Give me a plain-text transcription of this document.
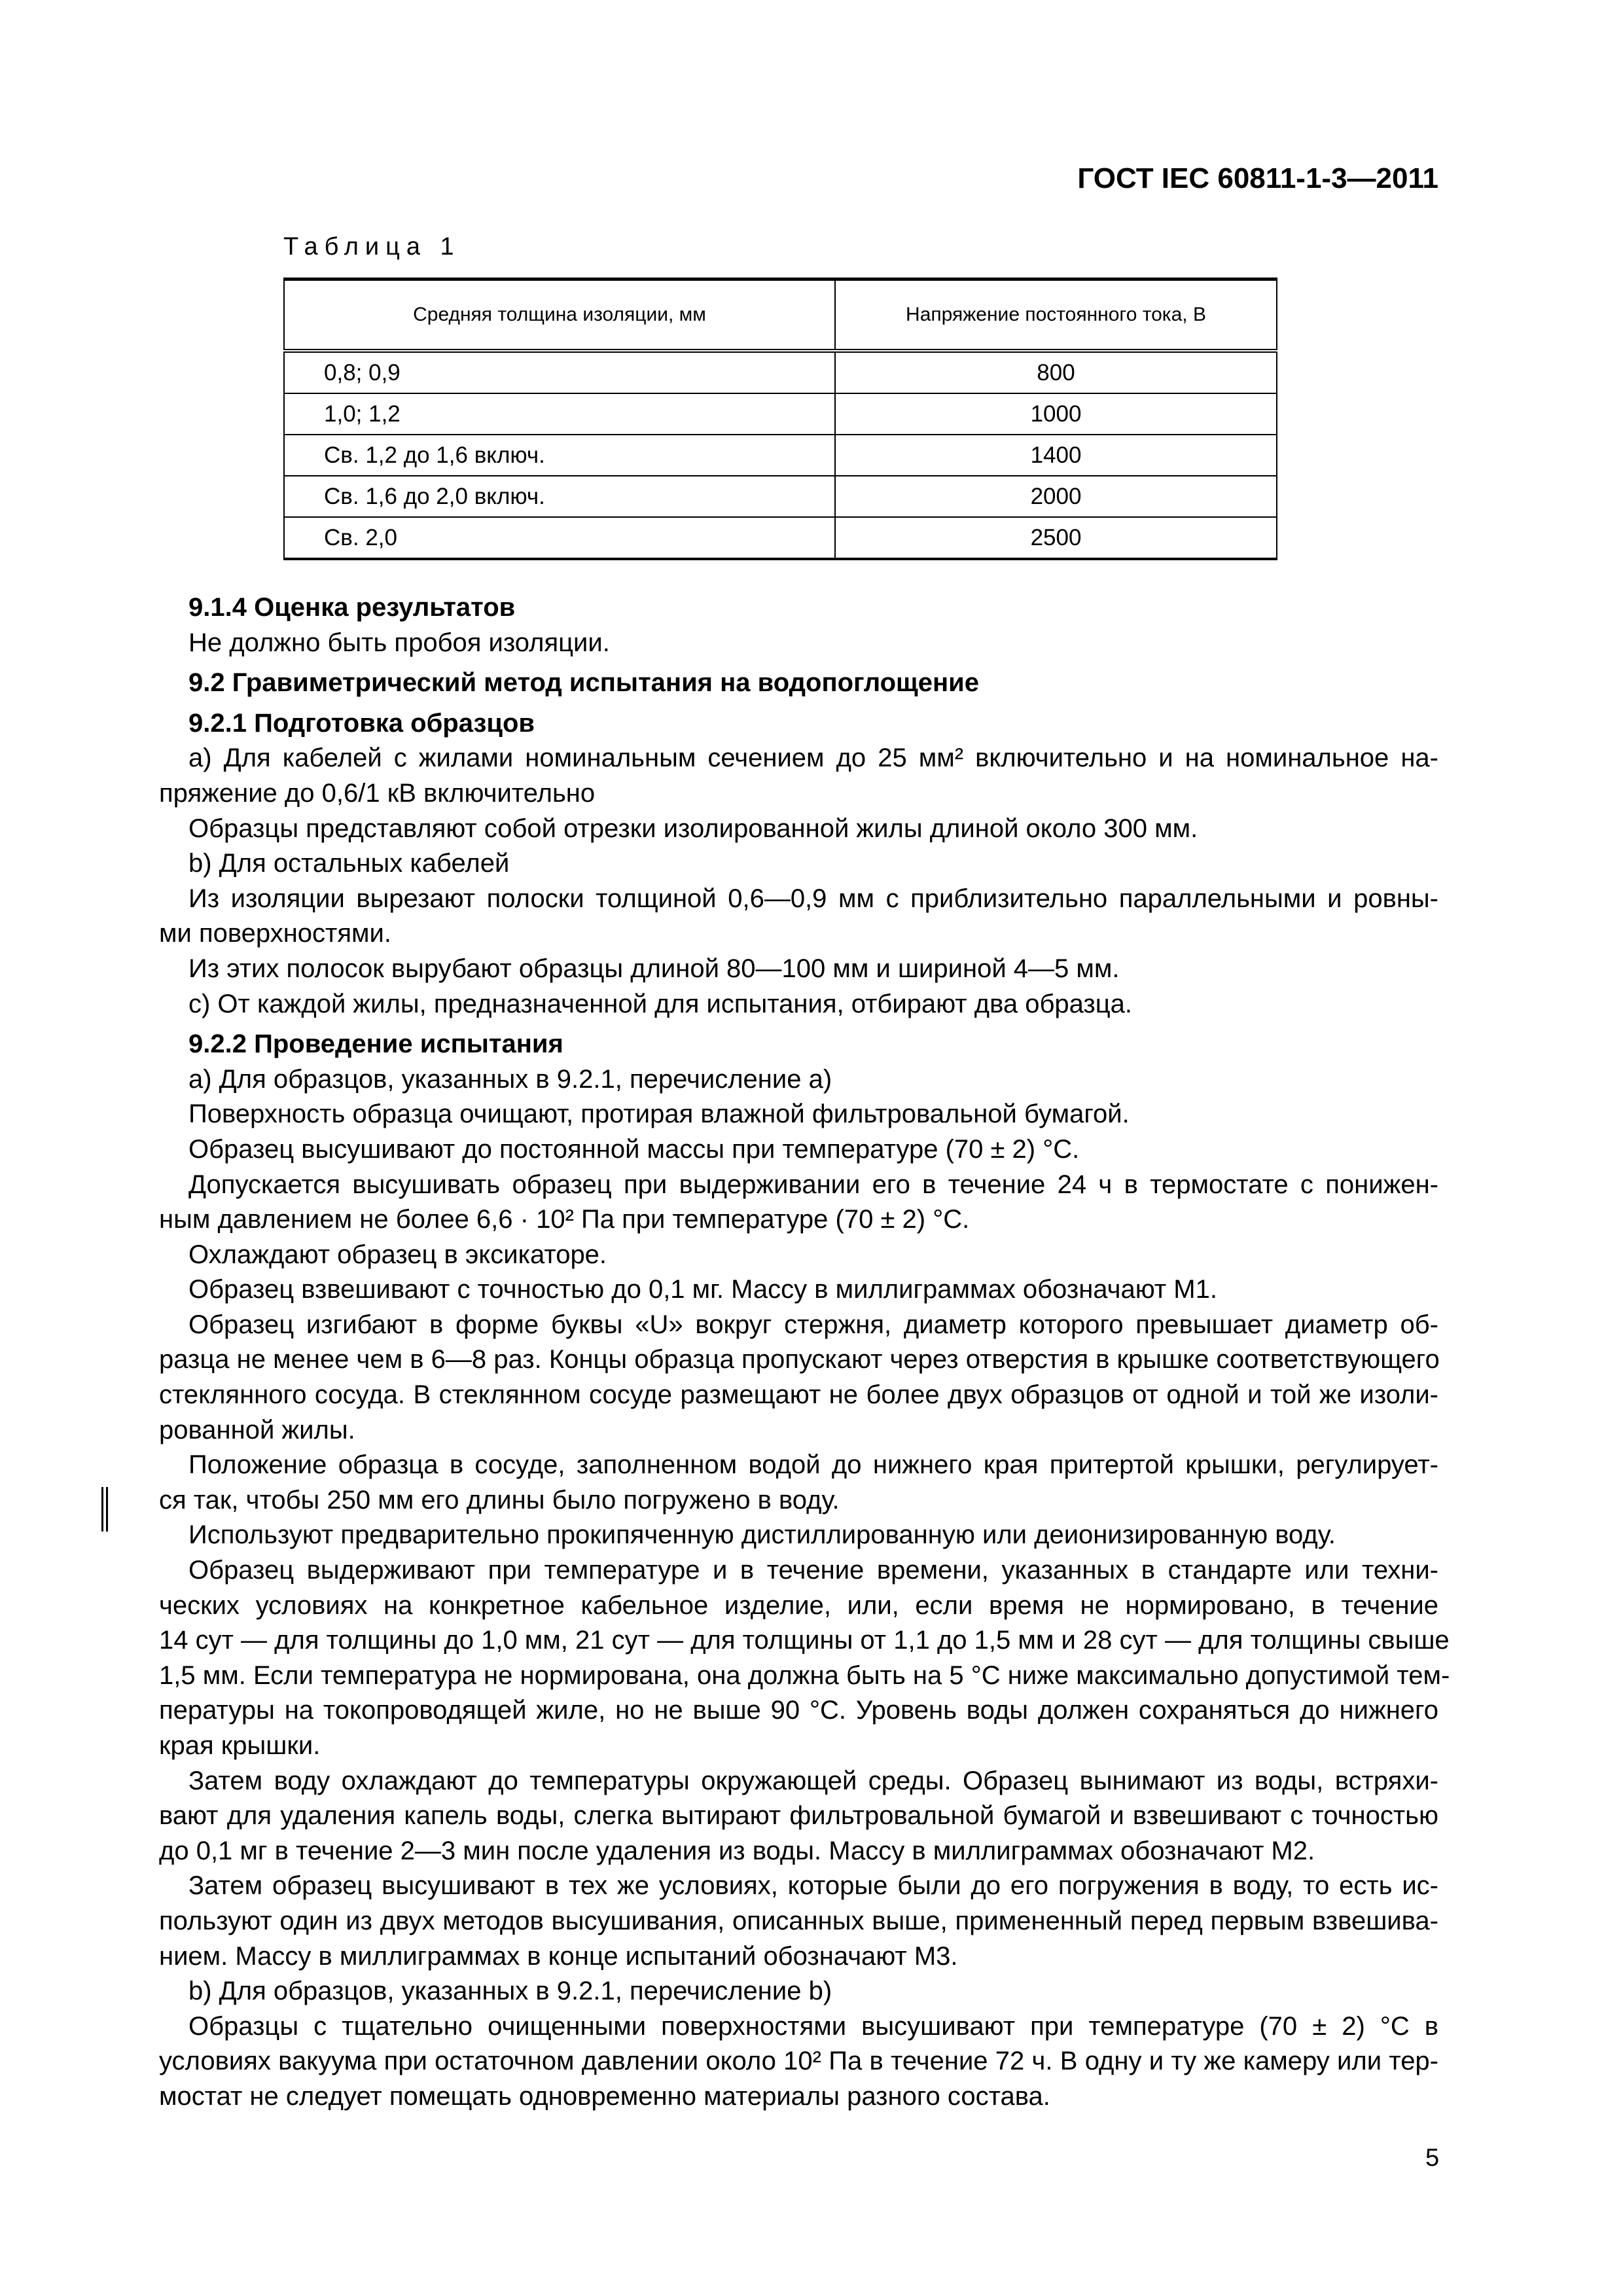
ГОСТ IEC 60811-1-3—2011
Таблица 1
Средняя толщина изоляции, мм	Напряжение постоянного тока, В
0,8; 0,9	800
1,0; 1,2	1000
Св. 1,2 до 1,6 включ.	1400
Св. 1,6 до 2,0 включ.	2000
Св. 2,0	2500
9.1.4 Оценка результатов
Не должно быть пробоя изоляции.
9.2 Гравиметрический метод испытания на водопоглощение
9.2.1 Подготовка образцов
а) Для кабелей с жилами номинальным сечением до 25 мм² включительно и на номинальное на-
пряжение до 0,6/1 кВ включительно
Образцы представляют собой отрезки изолированной жилы длиной около 300 мм.
b) Для остальных кабелей
Из изоляции вырезают полоски толщиной 0,6—0,9 мм с приблизительно параллельными и ровны-
ми поверхностями.
Из этих полосок вырубают образцы длиной 80—100 мм и шириной 4—5 мм.
c) От каждой жилы, предназначенной для испытания, отбирают два образца.
9.2.2 Проведение испытания
а) Для образцов, указанных в 9.2.1, перечисление а)
Поверхность образца очищают, протирая влажной фильтровальной бумагой.
Образец высушивают до постоянной массы при температуре (70 ± 2) °С.
Допускается высушивать образец при выдерживании его в течение 24 ч в термостате с понижен-
ным давлением не более 6,6 · 10² Па при температуре (70 ± 2) °С.
Охлаждают образец в эксикаторе.
Образец взвешивают с точностью до 0,1 мг. Массу в миллиграммах обозначают М1.
Образец изгибают в форме буквы «U» вокруг стержня, диаметр которого превышает диаметр об-
разца не менее чем в 6—8 раз. Концы образца пропускают через отверстия в крышке соответствующего
стеклянного сосуда. В стеклянном сосуде размещают не более двух образцов от одной и той же изоли-
рованной жилы.
Положение образца в сосуде, заполненном водой до нижнего края притертой крышки, регулирует-
ся так, чтобы 250 мм его длины было погружено в воду.
Используют предварительно прокипяченную дистиллированную или деионизированную воду.
Образец выдерживают при температуре и в течение времени, указанных в стандарте или техни-
ческих условиях на конкретное кабельное изделие, или, если время не нормировано, в течение
14 сут — для толщины до 1,0 мм, 21 сут — для толщины от 1,1 до 1,5 мм и 28 сут — для толщины свыше
1,5 мм. Если температура не нормирована, она должна быть на 5 °С ниже максимально допустимой тем-
пературы на токопроводящей жиле, но не выше 90 °С. Уровень воды должен сохраняться до нижнего
края крышки.
Затем воду охлаждают до температуры окружающей среды. Образец вынимают из воды, встряхи-
вают для удаления капель воды, слегка вытирают фильтровальной бумагой и взвешивают с точностью
до 0,1 мг в течение 2—3 мин после удаления из воды. Массу в миллиграммах обозначают М2.
Затем образец высушивают в тех же условиях, которые были до его погружения в воду, то есть ис-
пользуют один из двух методов высушивания, описанных выше, примененный перед первым взвешива-
нием. Массу в миллиграммах в конце испытаний обозначают М3.
b) Для образцов, указанных в 9.2.1, перечисление b)
Образцы с тщательно очищенными поверхностями высушивают при температуре (70 ± 2) °С в
условиях вакуума при остаточном давлении около 10² Па в течение 72 ч. В одну и ту же камеру или тер-
мостат не следует помещать одновременно материалы разного состава.
5
